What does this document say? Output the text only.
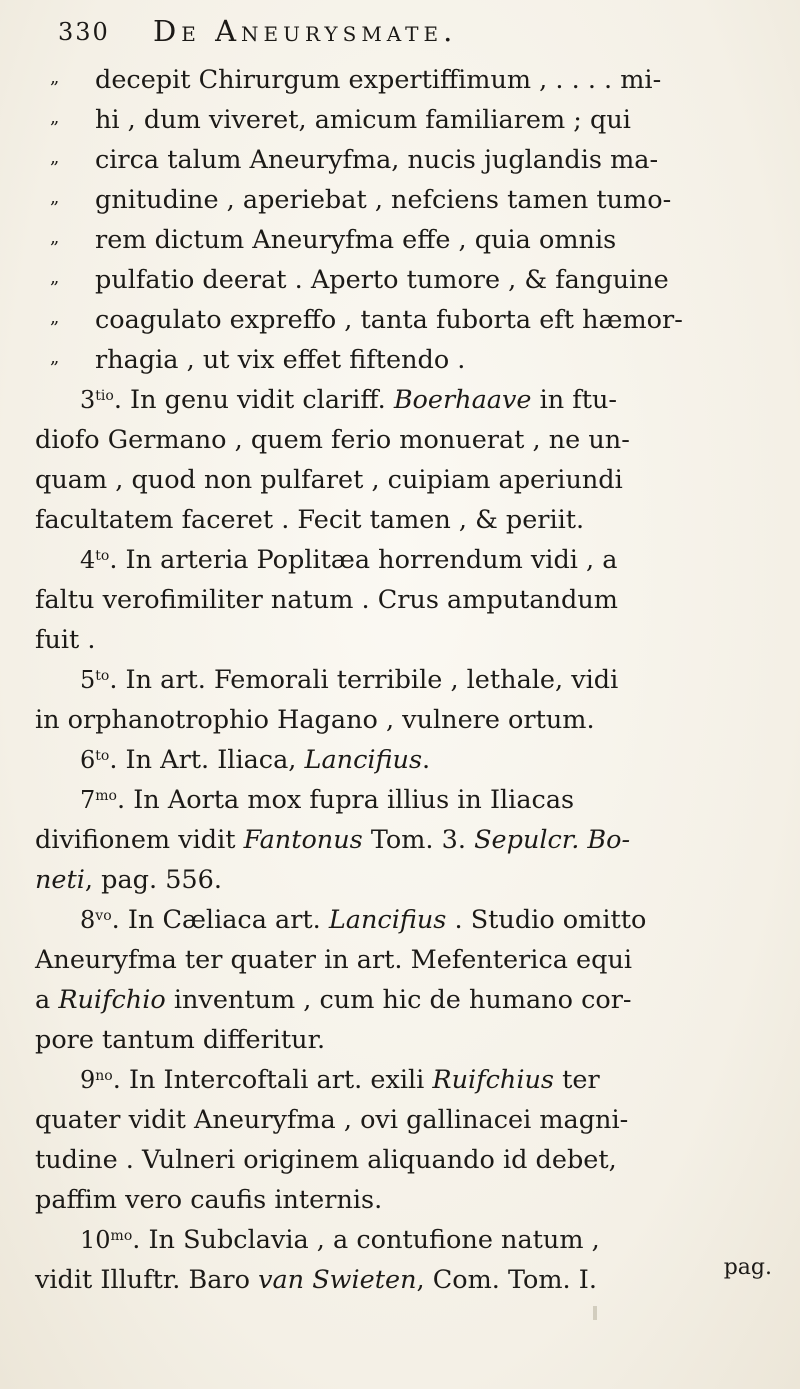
330 De Aneurysmate.
„	decepit Chirurgum expertiffimum , . . . . mi-
„	hi , dum viveret, amicum familiarem ; qui
„	circa talum Aneuryfma, nucis juglandis ma-
„	gnitudine , aperiebat , nefciens tamen tumo-
„	rem dictum Aneuryfma effe , quia omnis
„	pulfatio deerat . Aperto tumore , & fanguine
„	coagulato expreffo , tanta fuborta eft hæmor-
„	rhagia , ut vix effet fiftendo .
$3^{tio}$. In genu vidit clariff. Boerhaave in ftu-
diofo Germano , quem ferio monuerat , ne un-
quam , quod non pulfaret , cuipiam aperiundi
facultatem faceret . Fecit tamen , & periit.
$4^{to}$. In arteria Poplitæa horrendum vidi , a
faltu verofimiliter natum . Crus amputandum
fuit .
$5^{to}$. In art. Femorali terribile , lethale, vidi
in orphanotrophio Hagano , vulnere ortum.
$6^{to}$. In Art. Iliaca, Lancifius.
$7^{mo}$. In Aorta mox fupra illius in Iliacas
divifionem vidit Fantonus Tom. 3. Sepulcr. Bo-
neti, pag. 556.
$8^{vo}$. In Cæliaca art. Lancifius . Studio omitto
Aneuryfma ter quater in art. Mefenterica equi
a Ruifchio inventum , cum hic de humano cor-
pore tantum differitur.
$9^{no}$. In Intercoftali art. exili Ruifchius ter
quater vidit Aneuryfma , ovi gallinacei magni-
tudine . Vulneri originem aliquando id debet,
paffim vero caufis internis.
$10^{mo}$. In Subclavia , a contufione natum ,
vidit Illuftr. Baro van Swieten, Com. Tom. I.	pag.
